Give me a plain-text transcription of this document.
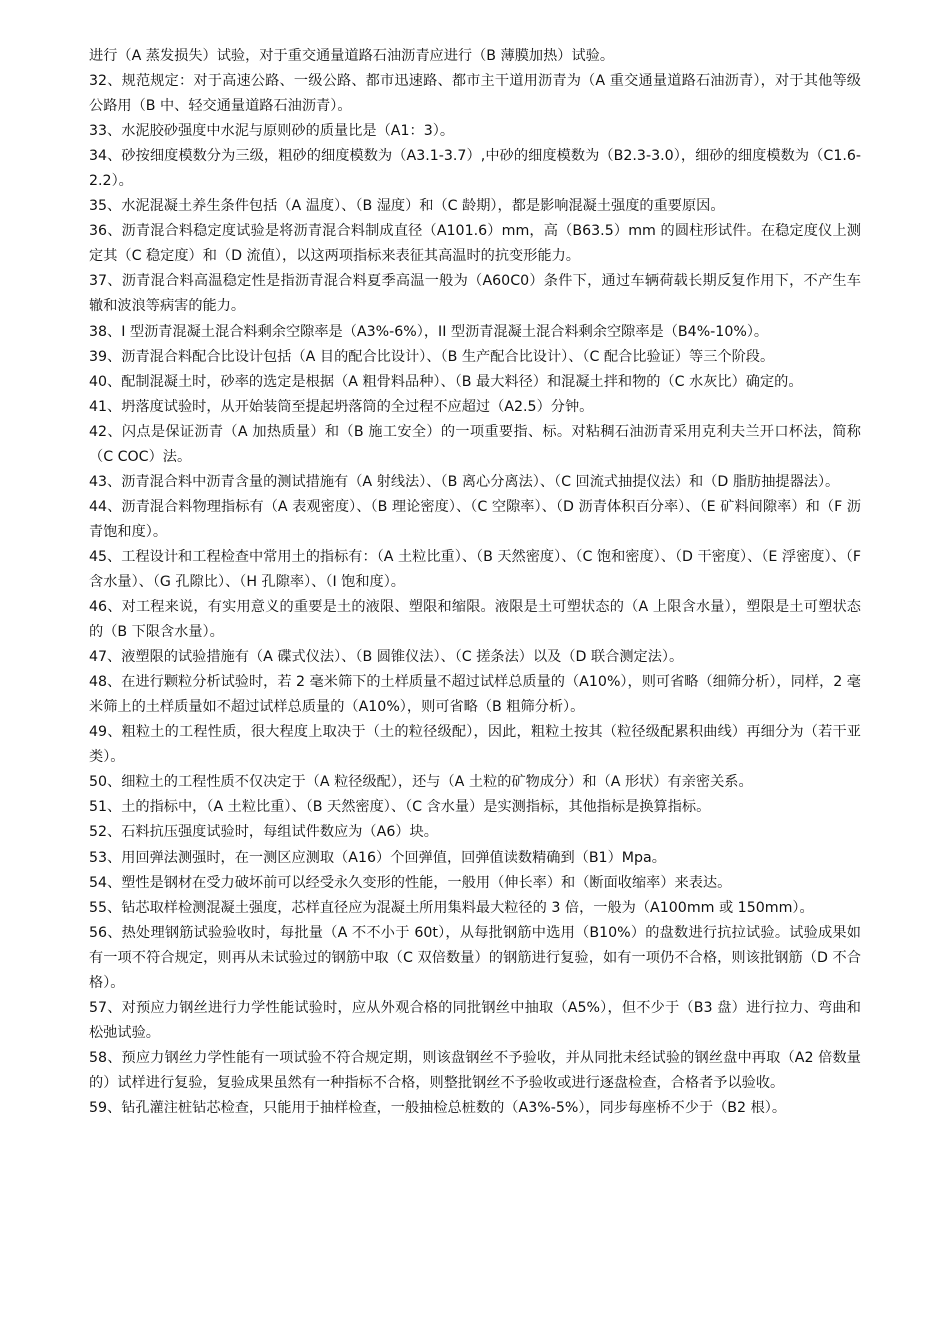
进行（A 蒸发损失）试验，对于重交通量道路石油沥青应进行（B 薄膜加热）试验。

32、规范规定：对于高速公路、一级公路、都市迅速路、都市主干道用沥青为（A 重交通量道路石油沥青），对于其他等级公路用（B 中、轻交通量道路石油沥青）。

33、水泥胶砂强度中水泥与原则砂的质量比是（A1：3）。

34、砂按细度模数分为三级，粗砂的细度模数为（A3.1-3.7）,中砂的细度模数为（B2.3-3.0），细砂的细度模数为（C1.6-2.2）。

35、水泥混凝土养生条件包括（A 温度）、（B 湿度）和（C 龄期），都是影响混凝土强度的重要原因。

36、沥青混合料稳定度试验是将沥青混合料制成直径（A101.6）mm，高（B63.5）mm 的圆柱形试件。在稳定度仪上测定其（C 稳定度）和（D 流值），以这两项指标来表征其高温时的抗变形能力。

37、沥青混合料高温稳定性是指沥青混合料夏季高温一般为（A60C0）条件下，通过车辆荷载长期反复作用下，不产生车辙和波浪等病害的能力。

38、I 型沥青混凝土混合料剩余空隙率是（A3%-6%），II 型沥青混凝土混合料剩余空隙率是（B4%-10%）。

39、沥青混合料配合比设计包括（A 目的配合比设计）、（B 生产配合比设计）、（C 配合比验证）等三个阶段。

40、配制混凝土时，砂率的选定是根据（A 粗骨料品种）、（B 最大料径）和混凝土拌和物的（C 水灰比）确定的。

41、坍落度试验时，从开始装筒至提起坍落筒的全过程不应超过（A2.5）分钟。

42、闪点是保证沥青（A 加热质量）和（B 施工安全）的一项重要指、标。对粘稠石油沥青采用克利夫兰开口杯法，简称（C COC）法。

43、沥青混合料中沥青含量的测试措施有（A 射线法）、（B 离心分离法）、（C 回流式抽提仪法）和（D 脂肪抽提器法）。

44、沥青混合料物理指标有（A 表观密度）、（B 理论密度）、（C 空隙率）、（D 沥青体积百分率）、（E 矿料间隙率）和（F 沥青饱和度）。

45、工程设计和工程检查中常用土的指标有：（A 土粒比重）、（B 天然密度）、（C 饱和密度）、（D 干密度）、（E 浮密度）、（F 含水量）、（G 孔隙比）、（H 孔隙率）、（I 饱和度）。

46、对工程来说，有实用意义的重要是土的液限、塑限和缩限。液限是土可塑状态的（A 上限含水量），塑限是土可塑状态的（B 下限含水量）。

47、液塑限的试验措施有（A 碟式仪法）、（B 圆锥仪法）、（C 搓条法）以及（D 联合测定法）。

48、在进行颗粒分析试验时，若 2 毫米筛下的土样质量不超过试样总质量的（A10%），则可省略（细筛分析），同样，2 毫米筛上的土样质量如不超过试样总质量的（A10%），则可省略（B 粗筛分析）。

49、粗粒土的工程性质，很大程度上取决于（土的粒径级配），因此，粗粒土按其（粒径级配累积曲线）再细分为（若干亚类）。

50、细粒土的工程性质不仅决定于（A 粒径级配），还与（A 土粒的矿物成分）和（A 形状）有亲密关系。

51、土的指标中，（A 土粒比重）、（B 天然密度）、（C 含水量）是实测指标，其他指标是换算指标。

52、石料抗压强度试验时，每组试件数应为（A6）块。

53、用回弹法测强时，在一测区应测取（A16）个回弹值，回弹值读数精确到（B1）Mpa。

54、塑性是钢材在受力破坏前可以经受永久变形的性能，一般用（伸长率）和（断面收缩率）来表达。

55、钻芯取样检测混凝土强度，芯样直径应为混凝土所用集料最大粒径的 3 倍，一般为（A100mm 或 150mm）。

56、热处理钢筋试验验收时，每批量（A 不不小于 60t），从每批钢筋中选用（B10%）的盘数进行抗拉试验。试验成果如有一项不符合规定，则再从未试验过的钢筋中取（C 双倍数量）的钢筋进行复验，如有一项仍不合格，则该批钢筋（D 不合格）。

57、对预应力钢丝进行力学性能试验时，应从外观合格的同批钢丝中抽取（A5%），但不少于（B3 盘）进行拉力、弯曲和松弛试验。

58、预应力钢丝力学性能有一项试验不符合规定期，则该盘钢丝不予验收，并从同批未经试验的钢丝盘中再取（A2 倍数量的）试样进行复验，复验成果虽然有一种指标不合格，则整批钢丝不予验收或进行逐盘检查，合格者予以验收。

59、钻孔灌注桩钻芯检查，只能用于抽样检查，一般抽检总桩数的（A3%-5%），同步每座桥不少于（B2 根）。
